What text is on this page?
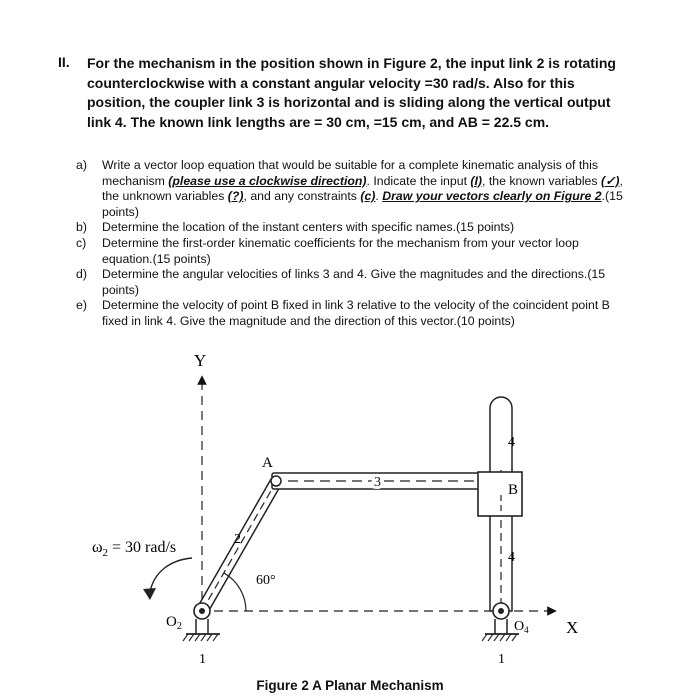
II. For the mechanism in the position shown in Figure 2, the input link 2 is rotating counterclockwise with a constant angular velocity =30 rad/s. Also for this position, the coupler link 3 is horizontal and is sliding along the vertical output link 4. The known link lengths are = 30 cm, =15 cm, and AB = 22.5 cm.
a)	Write a vector loop equation that would be suitable for a complete kinematic analysis of this mechanism (please use a clockwise direction). Indicate the input (I), the known variables (✓), the unknown variables (?), and any constraints (c). Draw your vectors clearly on Figure 2.(15 points)
b)	Determine the location of the instant centers with specific names.(15 points)
c)	Determine the first-order kinematic coefficients for the mechanism from your vector loop equation.(15 points)
d)	Determine the angular velocities of links 3 and 4. Give the magnitudes and the directions.(15 points)
e)	Determine the velocity of point B fixed in link 3 relative to the velocity of the coincident point B fixed in link 4. Give the magnitude and the direction of this vector.(10 points)
Y
X
2
3
4
B
4
A
60°
$\omega_2 = 30$ rad/s
$O_2$
1
$O_4$
1
Figure 2 A Planar Mechanism
